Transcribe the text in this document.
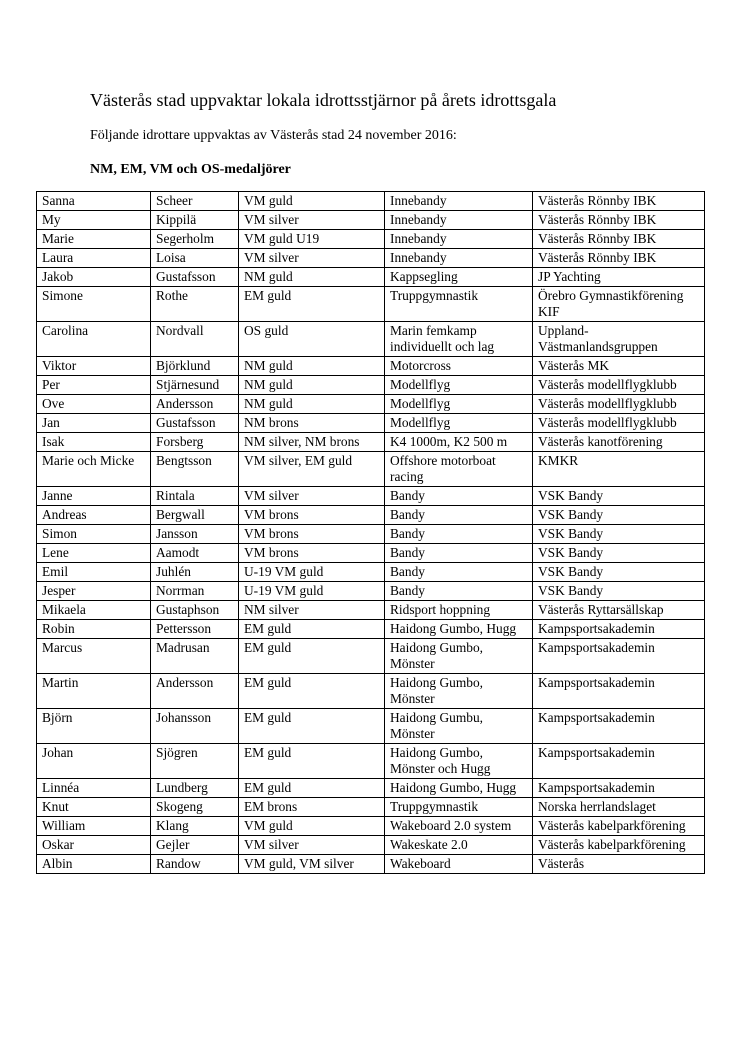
Västerås stad uppvaktar lokala idrottsstjärnor på årets idrottsgala
Följande idrottare uppvaktas av Västerås stad 24 november 2016:
NM, EM, VM och OS-medaljörer
Sanna	Scheer	VM guld	Innebandy	Västerås Rönnby IBK
My	Kippilä	VM silver	Innebandy	Västerås Rönnby IBK
Marie	Segerholm	VM guld U19	Innebandy	Västerås Rönnby IBK
Laura	Loisa	VM silver	Innebandy	Västerås Rönnby IBK
Jakob	Gustafsson	NM guld	Kappsegling	JP Yachting
Simone	Rothe	EM guld	Truppgymnastik	Örebro Gymnastikförening KIF
Carolina	Nordvall	OS guld	Marin femkamp individuellt och lag	Uppland-Västmanlandsgruppen
Viktor	Björklund	NM guld	Motorcross	Västerås MK
Per	Stjärnesund	NM guld	Modellflyg	Västerås modellflygklubb
Ove	Andersson	NM guld	Modellflyg	Västerås modellflygklubb
Jan	Gustafsson	NM brons	Modellflyg	Västerås modellflygklubb
Isak	Forsberg	NM silver, NM brons	K4 1000m, K2 500 m	Västerås kanotförening
Marie och Micke	Bengtsson	VM silver, EM guld	Offshore motorboat racing	KMKR
Janne	Rintala	VM silver	Bandy	VSK Bandy
Andreas	Bergwall	VM brons	Bandy	VSK Bandy
Simon	Jansson	VM brons	Bandy	VSK Bandy
Lene	Aamodt	VM brons	Bandy	VSK Bandy
Emil	Juhlén	U-19 VM guld	Bandy	VSK Bandy
Jesper	Norrman	U-19 VM guld	Bandy	VSK Bandy
Mikaela	Gustaphson	NM silver	Ridsport hoppning	Västerås Ryttarsällskap
Robin	Pettersson	EM guld	Haidong Gumbo, Hugg	Kampsportsakademin
Marcus	Madrusan	EM guld	Haidong Gumbo, Mönster	Kampsportsakademin
Martin	Andersson	EM guld	Haidong Gumbo, Mönster	Kampsportsakademin
Björn	Johansson	EM guld	Haidong Gumbu, Mönster	Kampsportsakademin
Johan	Sjögren	EM guld	Haidong Gumbo, Mönster och Hugg	Kampsportsakademin
Linnéa	Lundberg	EM guld	Haidong Gumbo, Hugg	Kampsportsakademin
Knut	Skogeng	EM brons	Truppgymnastik	Norska herrlandslaget
William	Klang	VM guld	Wakeboard 2.0 system	Västerås kabelparkförening
Oskar	Gejler	VM silver	Wakeskate 2.0	Västerås kabelparkförening
Albin	Randow	VM guld, VM silver	Wakeboard	Västerås
